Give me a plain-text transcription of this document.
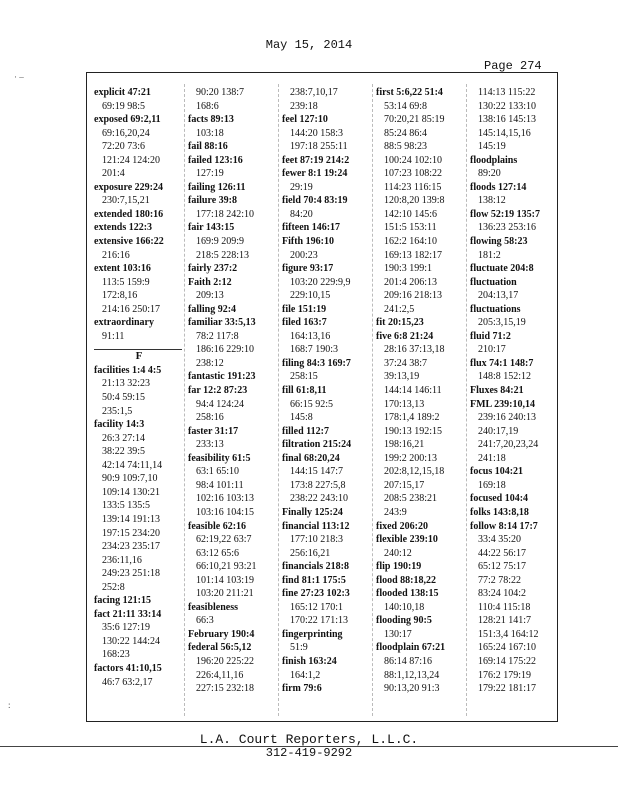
May 15, 2014
Page 274
· –
:
explicit 47:21
69:19 98:5
exposed 69:2,11
69:16,20,24
72:20 73:6
121:24 124:20
201:4
exposure 229:24
230:7,15,21
extended 180:16
extends 122:3
extensive 166:22
216:16
extent 103:16
113:5 159:9
172:8,16
214:16 250:17
extraordinary
91:11
F
facilities 1:4 4:5
21:13 32:23
50:4 59:15
235:1,5
facility 14:3
26:3 27:14
38:22 39:5
42:14 74:11,14
90:9 109:7,10
109:14 130:21
133:5 135:5
139:14 191:13
197:15 234:20
234:23 235:17
236:11,16
249:23 251:18
252:8
facing 121:15
fact 21:11 33:14
35:6 127:19
130:22 144:24
168:23
factors 41:10,15
46:7 63:2,17
90:20 138:7
168:6
facts 89:13
103:18
fail 88:16
failed 123:16
127:19
failing 126:11
failure 39:8
177:18 242:10
fair 143:15
169:9 209:9
218:5 228:13
fairly 237:2
Faith 2:12
209:13
falling 92:4
familiar 33:5,13
78:2 117:8
186:16 229:10
238:12
fantastic 191:23
far 12:2 87:23
94:4 124:24
258:16
faster 31:17
233:13
feasibility 61:5
63:1 65:10
98:4 101:11
102:16 103:13
103:16 104:15
feasible 62:16
62:19,22 63:7
63:12 65:6
66:10,21 93:21
101:14 103:19
103:20 211:21
feasibleness
66:3
February 190:4
federal 56:5,12
196:20 225:22
226:4,11,16
227:15 232:18
238:7,10,17
239:18
feel 127:10
144:20 158:3
197:18 255:11
feet 87:19 214:2
fewer 8:1 19:24
29:19
field 70:4 83:19
84:20
fifteen 146:17
Fifth 196:10
200:23
figure 93:17
103:20 229:9,9
229:10,15
file 151:19
filed 163:7
164:13,16
168:7 190:3
filing 84:3 169:7
258:15
fill 61:8,11
66:15 92:5
145:8
filled 112:7
filtration 215:24
final 68:20,24
144:15 147:7
173:8 227:5,8
238:22 243:10
Finally 125:24
financial 113:12
177:10 218:3
256:16,21
financials 218:8
find 81:1 175:5
fine 27:23 102:3
165:12 170:1
170:22 171:13
fingerprinting
51:9
finish 163:24
164:1,2
firm 79:6
first 5:6,22 51:4
53:14 69:8
70:20,21 85:19
85:24 86:4
88:5 98:23
100:24 102:10
107:23 108:22
114:23 116:15
120:8,20 139:8
142:10 145:6
151:5 153:11
162:2 164:10
169:13 182:17
190:3 199:1
201:4 206:13
209:16 218:13
241:2,5
fit 20:15,23
five 6:8 21:24
28:16 37:13,18
37:24 38:7
39:13,19
144:14 146:11
170:13,13
178:1,4 189:2
190:13 192:15
198:16,21
199:2 200:13
202:8,12,15,18
207:15,17
208:5 238:21
243:9
fixed 206:20
flexible 239:10
240:12
flip 190:19
flood 88:18,22
flooded 138:15
140:10,18
flooding 90:5
130:17
floodplain 67:21
86:14 87:16
88:1,12,13,24
90:13,20 91:3
114:13 115:22
130:22 133:10
138:16 145:13
145:14,15,16
145:19
floodplains
89:20
floods 127:14
138:12
flow 52:19 135:7
136:23 253:16
flowing 58:23
181:2
fluctuate 204:8
fluctuation
204:13,17
fluctuations
205:3,15,19
fluid 71:2
210:17
flux 74:1 148:7
148:8 152:12
Fluxes 84:21
FML 239:10,14
239:16 240:13
240:17,19
241:7,20,23,24
241:18
focus 104:21
169:18
focused 104:4
folks 143:8,18
follow 8:14 17:7
33:4 35:20
44:22 56:17
65:12 75:17
77:2 78:22
83:24 104:2
110:4 115:18
128:21 141:7
151:3,4 164:12
165:24 167:10
169:14 175:22
176:2 179:19
179:22 181:17
L.A. Court Reporters, L.L.C.
312-419-9292
